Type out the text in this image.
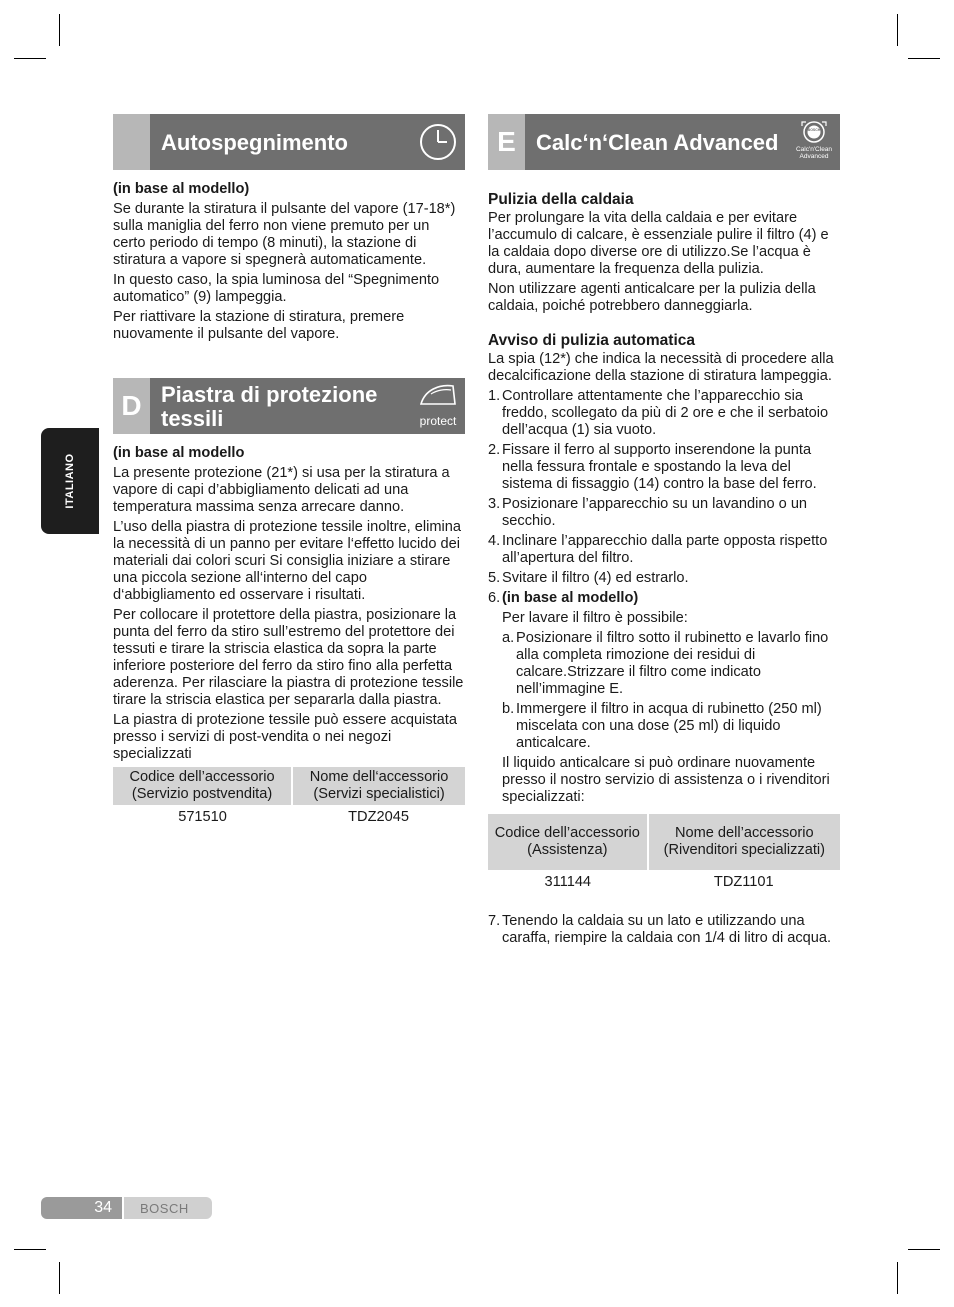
ITALIANO
Autospegnimento

(in base al modello)

Se durante la stiratura il pulsante del vapore (17-18*) sulla maniglia del ferro non viene premuto per un certo periodo di tempo (8 minuti), la stazione di stiratura a vapore si spegnerà automaticamente.

In questo caso, la spia luminosa del “Spegnimento automatico” (9) lampeggia.

Per riattivare la stazione di stiratura, premere nuovamente il pulsante del vapore.

D Piastra di protezione
tessili	protect

(in base al modello

La presente protezione (21*) si usa per la stiratura a vapore di capi d’abbigliamento delicati ad una temperatura massima senza arrecare danno.

L’uso della piastra di protezione tessile inoltre, elimina la necessità di un panno per evitare l‘effetto lucido dei materiali dai colori scuri Si consiglia iniziare a stirare una piccola sezione all‘interno del capo d‘abbigliamento ed osservare i risultati.

Per collocare il protettore della piastra, posizionare la punta del ferro da stiro sull’estremo del protettore dei tessuti e tirare la striscia elastica da sopra la parte inferiore posteriore del ferro da stiro fino alla perfetta aderenza. Per rilasciare la piastra di protezione tessile tirare la striscia elastica per separarla dalla piastra.

La piastra di protezione tessile può essere acquistata presso i servizi di post-vendita o nei negozi specializzati

Codice dell’accessorio (Servizio postvendita)	Nome dell‘accessorio (Servizi specialistici)
571510	TDZ2045
E Calc‘n‘Clean Advanced	BOSCH
Calc'n'Clean
Advanced

Pulizia della caldaia

Per prolungare la vita della caldaia e per evitare l’accumulo di calcare, è essenziale pulire il filtro (4) e la caldaia dopo diverse ore di utilizzo.Se l’acqua è dura, aumentare la frequenza della pulizia.

Non utilizzare agenti anticalcare per la pulizia della caldaia, poiché potrebbero danneggiarla.

Avviso di pulizia automatica

La spia (12*) che indica la necessità di procedere alla decalcificazione della stazione di stiratura lampeggia.

1. Controllare attentamente che l’apparecchio sia freddo, scollegato da più di 2 ore e che il serbatoio dell’acqua (1) sia vuoto.
2. Fissare il ferro al supporto inserendone la punta nella fessura frontale e spostando la leva del sistema di fissaggio (14) contro la base del ferro.
3. Posizionare l’apparecchio su un lavandino o un secchio.
4. Inclinare l’apparecchio dalla parte opposta rispetto all’apertura del filtro.
5. Svitare il filtro (4) ed estrarlo.
6. (in base al modello)

Per lavare il filtro è possibile:

a. Posizionare il filtro sotto il rubinetto e lavarlo fino alla completa rimozione dei residui di calcare.Strizzare il filtro come indicato nell’immagine E.
b. Immergere il filtro in acqua di rubinetto (250 ml) miscelata con una dose (25 ml) di liquido anticalcare.

Il liquido anticalcare si può ordinare nuovamente presso il nostro servizio di assistenza o i rivenditori specializzati:

Codice dell’accessorio (Assistenza)	Nome dell’accessorio (Rivenditori specializzati)
311144	TDZ1101
7. Tenendo la caldaia su un lato e utilizzando una caraffa, riempire la caldaia con 1/4 di litro di acqua.
34 BOSCH
